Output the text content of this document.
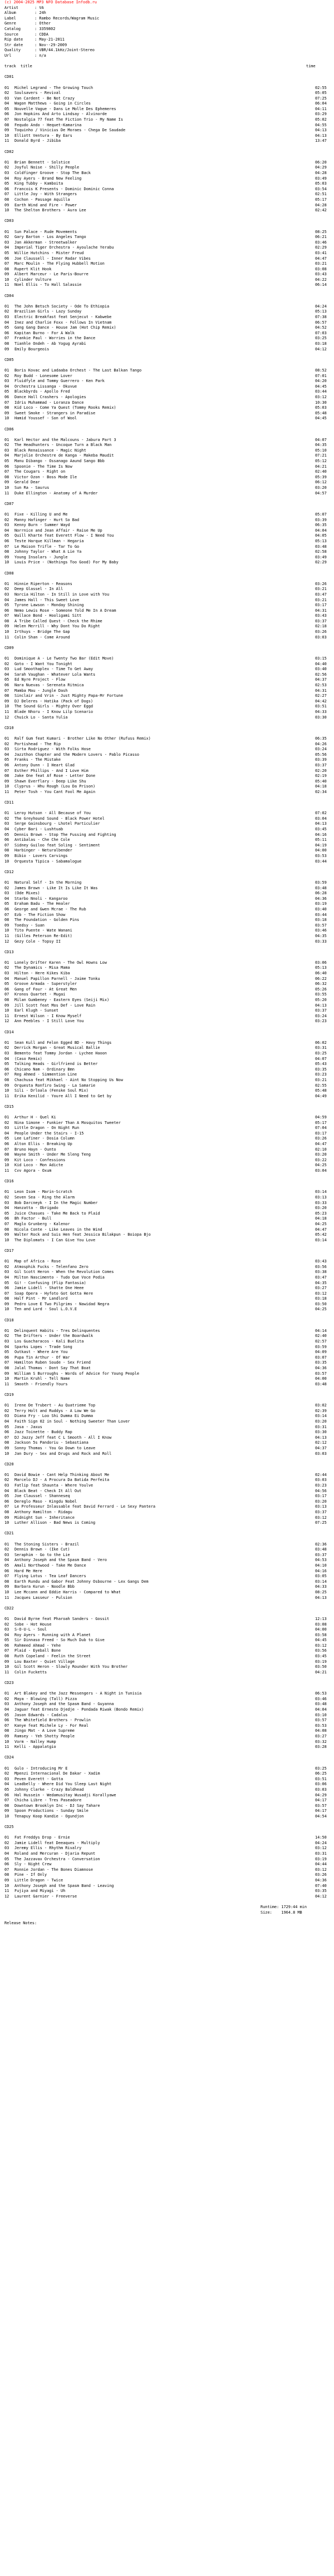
(c) 2004-2025 MP3 NFO Database Infodb.ru
Artist	: VA
Album	: 24h
Label	: Rambo Records/Wagram Music
Genre	: Other
Catalog	: 3359802
Source	: CDDA
Rip date	: May-21-2011
Str date	: Nov--29-2009
Quality	: VBR/44.1kHz/Joint-Stereo
Url	: n/a
track  title	time
CD01
01 Michel Legrand - The Growing Touch	02:55
02 Soulsavers - Revival	05:05
03 Van Cardent - Be Not Crazy	07:25
04 Wagon Matthews - Going in Circles	06:04
05 Nouvelle Vague - Dans Le Molle Des Ephemeres	04:11
06 Jon Hopkins And Arto Lindsay - Alvinorde	03:29
07 Nostalgia 77 feat The Fiction Trio - My Name Is	05:02
08 Fequdo Ando - Hequet-Kamarina	04:55
09 Toquinho / Vinicius De Moraes - Chega De Saudade	04:13
10 Elliott Ventura - By Ears	04:13
11 Donald Byrd - Jibiba	13:47
CD02
01 Brian Bennett - Solstice	06:20
02 Joyful Noise - Shilly People	04:29
03 Coldfinger Groove - Stop The Back	04:28
04 Roy Ayers - Brand New Feeling	03:49
05 King Tubby - Kamboita	05:03
06 Francois K Presents - Dominic Dominic Conna	03:54
07 Little Joy - With Strangers	02:51
08 Cochon - Passage Aquilla	05:17
09 Earth Wind and Fire - Power	04:28
10 The Shelton Brothers - Aura Lee	02:42
CD03
01 Sun Palace - Rude Movements	08:25
02 Gary Barton - Los Angeles Tango	06:21
03 Jan Akkerman - Streetwalker	03:46
04 Imperial Tiger Orchestra - Ayoulache Yerabu	02:29
05 Willie Hutchins - Mister Freud	03:41
06 Joe Claussell - Inner Radar Vibes	04:47
07 Marc Moulin - The Flying Hubbell Motion	03:21
08 Rupert Klit Hook	03:08
09 Albert Marceur - Le Paris-Bourre	03:43
10 Cylinder Vulture	04:22
11 Noel Ellis - To Hall Salassie	06:14
CD04
01 The John Betsch Society - Ode To Ethiopia	04:24
02 Brazilian Girls - Lazy Sunday	05:13
03 Electric Breakfast feat Senjecut - Kabwebe	07:38
04 Inez and Charlie Foxx - Follows In Vietnam	06:57
05 Gang Gang Dance - House Jam (Hot Chip Remix)	04:52
06 Kapitan Burno - For A Walk	07:03
07 Frankie Paul - Worries in the Dance	03:25
08 Tianhle Ondeh - Ab Yogug Ayrabi	03:18
09 Emily Bourgeois	04:12
CD05
01 Boris Kovac and Ladaaba Orchest - The Last Balkan Tango	08:52
02 Roy Budd - Lonesome Lover	07:01
03 Fluidfyle and Tommy Guerrero - Ken Park	04:20
04 Orchestra Lissanga - Okuvue	04:45
05 Blackbyrds - Apollo Fred	03:44
06 Dance Hall Crashers - Apologies	03:12
07 Idris Muhammad - Loranza Dance	10:30
08 Kid Loco - Come Ya Quest (Tommy Rooks Remix)	05:03
09 Sweet Smoke - Strangers in Paradise	05:48
10 Hamid Youssef - Son of Wool	04:45
CD06
01 Karl Hector and the Malcouns - Jabura Part 3	04:07
02 The Headhunters - Uncoque Turn a Black Man	04:35
03 Black Renaissance - Magic Night	05:10
04 Marjolie Orchestre de Kanga - Makeba Maudit	07:21
05 Manu Dibango - Ossanago Aaund Sango Bbb	05:12
06 Spoonie - The Time Is Now	04:21
07 The Cougars - Right on	02:40
08 Victor Ozon - Boss Mode Ile	05:39
09 Gerald Dear	06:12
10 Sun Ra - Saurus	03:20
11 Duke Ellington - Anatomy of A Murder	04:57
CD07
01 Fixe - Killing U and Me	05:07
02 Manny Hafinger - Hurt So Bad	03:39
03 Kenny Burn - Summer Wayd	06:35
04 Norrnice and Jean Affair - Raise Me Up	04:04
05 Quill Kharte feat Everett Flow - I Need You	04:05
06 Teste Harque Killman - Hegaria	05:13
07 Le Maison Trifle - Tar To Go	03:48
08 Johnny Taylor - What A Lie Ya	02:58
09 Young Insolars - Jungle	03:49
10 Louis Price - (Nothings Too Good) For My Baby	02:29
CD08
01 Hinnie Riperton - Reasons	03:26
02 Deep Glassel - In All	03:21
03 Norcia Hilton - In Still in Love with You	03:47
04 James Hall - This Sweet Love	03:21
05 Tyrone Lawson - Monday Shining	03:17
06 Nemo Lewis Rose - Someone Told Me In A Dream	04:31
07 Wallace Bond - Hooligami Sitt	03:43
08 A Tribe Called Quest - Check the Rhime	03:37
09 Helen Merrill - Why Dont You Do Right	02:18
10 Irthuys - Bridge The Gap	03:26
11 Colin Shan - Come Around	03:03
CD09
01 Dominique A - Le Twenty Two Bar (Edit Move)	03:15
02 Goto - I Want You Tonight	04:40
03 Lud Smoothaplex - Time To Get Away	03:40
04 Sarah Vaughan - Whatever Lola Wants	02:56
05 Ed Nyre Project - Flow	04:37
06 Nara Nuevas - Serenata Ritmica	02:53
07 Mamba Mau - Jungle Dash	04:31
08 Sinclair and Vrin - Just Mighty Papa-Mr Fortune	02:27
09 DJ Deleres - Hatika (Pack of Dogs)	04:42
10 The Sound Girls - Mighty Over Eggd	03:51
11 Blade Nhoru - I Know Lilp Scenario	04:33
12 Chuick Lo - Santa Yulia	03:30
CD10
01 Ralf Gum feat Kumari - Brother Like No Other (Rufuss Remix)	06:35
02 Portishead - The Rip	04:26
03 Sirta Rodriguez - With Folks Hose	03:24
04 Jazzthon Chapter and the Modern Lovers - Pablo Picasso	05:56
05 Franks - The Mistake	03:39
06 Antony Dunn - I Heart Glad	03:37
07 Esther Phillips - And I Love Him	02:20
08 Jake One feat Af Rose - Letter Done	02:19
09 Shawn Everflary - Deep Like Shu	05:40
10 Clyprus - Hhu Rough (Lou Da Prison)	04:18
11 Peter Tosh - You Cant Fool Me Again	02:34
CD11
01 Leroy Hutson - All Because of You	07:02
02 The Greyhound Sound - Black Power Hotel	03:04
03 Serge Gainsbourg - Lhotel Particulier	04:13
04 Cyber Bari - Lushtuab	03:45
05 Dennis Brown - Stop The Fussing and Fighting	04:16
06 Antibalas - Che Che Cole	05:11
07 Sidney Guiloo feat Soling - Sentiment	04:19
08 Harbinger - Neturalbender	04:00
09 Bibio - Lovers Carvings	03:53
10 Orquesta Tipica - Sabamalogue	03:44
CD12
01 Natural Self - In the Morning	03:59
02 James Brown - Like It Is Like It Was	03:48
03 (Ode Mixes)	06:28
04 Starbo Nnoli - Kangaroo	04:36
05 Eraham Badu - The Healer	03:19
06 George and Gwen Mcrae - The Rub	03:40
07 Ezb - The Fiction Show	03:44
08 The Foundation - Golden Pins	03:18
09 Toedsy - Suan	03:57
10 Tito Puente - Wate Wanani	03:46
11 (Gilles Peterson Re-Edit)	04:35
12 Gezy Cole - Topsy II	03:33
CD13
01 Lonely Drifter Karen - The Owl Howns Low	03:06
02 The Dynamics - Misa Mama	05:13
03 Hilton - Here Kikes Kiba	06:40
04 Manuel Papillon Parnell - Jaime Tonku	06:22
05 Groove Armada - Superstyler	06:32
06 Gang of Four - At Great Men	05:26
07 Kronos Quartet - Mugai	03:55
08 Milan Gumbeney - Eastern Eyes (Seiji Mix)	05:20
09 Jill Scott feat Mos Def - Love Rain	04:13
10 Earl Klugh - Sunset	03:37
11 Ernest Wilson - I Know Myself	03:24
12 Ann Peebles - I Still Love You	03:23
CD14
01 Sean Kull and Felon Egged BD - Havy Things	06:02
02 Derrick Morgan - Great Musical Ballie	03:31
03 Bemento feat Tommy Jordan - Lychee Haoon	03:25
04 (Caso Remix)	04:07
05 Talking Heads - Girlfriend is Better	05:43
06 Chicano Nam - Ordinary Bmn	03:35
07 Reg Ahmed - Simmention Line	03:23
08 Chachusa feat Mikhael - Aint No Stopping Us Now	03:21
09 Orquesta Ronfiro Swing - La Samarie	02:55
10 Sili - Drloala (Fenske Soul Mix)	05:48
11 Erika Kenilid - Youre All I Need to Get by	04:49
CD15
01 Arthur H - Quel Ki	04:59
02 Nina Simone - Funkier Than A Mosquitos Tweeter	05:17
03 Little Dragon - On Night Run	07:04
04 People Under the Stairs - I-15	03:17
05 Lee Lafiner - Dosia Column	03:26
06 Alton Ellis - Breaking Up	04:47
07 Bruno Hayn - Ounto	02:10
08 Wayne Smith - Under Me Sleng Teng	03:20
09 Kit Loco - Confessions	03:22
10 Kid Loco - Mon Adicte	04:25
11 Cvv Agora - Oxum	03:04
CD16
01 Leon Isom - Marin-Scratch	03:14
02 Seven Sea - Ring the Alarm	03:13
03 Bob Darcneyk - I In the Magic Number	03:33
04 Hanzatta - Obrigado	03:20
05 Juice Chasues - Take Me Back to Plaid	05:23
06 Bh Factor - Bull	04:18
07 Maglo Grunberg - Kalenor	04:25
08 Nicola Conte - Like Leaves in the Wind	04:47
09 Walter Rock and Suis Hen feat Jessica Bilakpun - Boiopa Bjo	05:42
10 The Diplomats - I Can Give You Love	03:14
CD17
01 Map of Africa - Rose	03:43
02 Atmosphik Fucks - Telenfano Zero	03:56
03 Gil Scott Heron - When the Revolution Comes	03:38
04 Milton Nascimento - Tudo Que Voce Podia	03:47
05 Gi! - Confusing (Flip Fantasia)	04:35
06 Jamie Lidell - Shatte One Heee	03:27
07 Soap Opera - Hyfoto Got Gotta Here	03:12
08 Half Pint - Mr Landlord	03:18
09 Pedro Love E Two Pilgrims - Nawidad Negra	03:50
10 Ten and Lord - Soul L.O.V.E	04:25
CD18
01 Delinquent Habits - Tres Delinquentes	04:14
02 The Drifters - Under the Boardwalk	02:40
03 Los Guacharacos - Kali Buelita	02:57
04 Sparks Lopes - Trade Song	03:59
05 Outkast - Where Are You	04:09
06 Pupa Tin Arthur - Of War	03:07
07 Hamilton Ruben Soude - Sex Friend	03:35
08 Jalal Thomas - Dont Say That Boat	04:36
09 William S Burroughs - Words of Advice for Young People	03:57
10 Martin Kruhl - Tell Name	04:00
11 Smooth - Friendly Yours	03:48
CD19
01 Irene De Trubert - Au Quatrieme Top	03:02
02 Terry Holt and Ruddys - A Low We Go	02:39
03 Diana Fry - Loo Shi Dumma Ei Dumma	03:14
04 Faith Sign 02 in Soul - Nothing Sweeter Than Lover	03:20
05 Jasa - Jaxus	03:31
06 Jazz Toinette - Buddy Rap	03:30
07 DJ Jazzy Jeff feat C L Smooth - All I Know	04:13
08 Jackson 5s Pandoriu - Sebastiana	02:12
09 Sonny Thomas - You Go Down to Leave	04:37
10 Jan Dury - Sex and Drugs and Rock and Roll	03:03
CD20
01 David Bowie - Cant Help Thinking About Me	02:44
02 Marcelo DJ - A Procura Da Batida Perfeita	03:03
03 Fatlip feat Shaunta - Where Youlve	03:23
04 Black Beat - Check It All Out	04:56
05 Joe Claussel - Shanneseq	03:17
06 Dereglo Maso - Kingdu Nobel	03:20
07 Le Professeur Inlassable feat David Ferrard - Le Sexy Pantera	03:13
08 Anthony Hamilton - Ridagu	03:37
09 Midnight Sun - Inheritance	03:12
10 Luther Allison - Bad News is Coming	07:25
CD21
01 The Stoning Sisters - Brazil	02:36
02 Dennis Brown - (Ike Cut)	03:48
03 Seraphim - Go to the Lie	03:37
04 Anthony Joseph and the Spasm Band - Vero	04:53
05 Amali Northwood - Take Me Dance	04:10
06 Hard Me Here	04:16
07 Flying Lotus - Tea Leaf Dancers	03:05
08 Earth Rundu and Gabor Feat Johnny Osbourne - Lex Gangs Dem	03:14
09 Barbara Kurun - Noodle Bbb	04:33
10 Lee Mccann and Eddie Harris - Compared to What	08:25
11 Jacques Lasseur - Pulsion	04:13
CD22
01 David Byrne feat Pharoah Sanders - Gossit	12:13
02 Sobe - Hot House	03:08
03 S-O-U-L - Soul	04:00
04 Roy Ayers - Running with A Planet	03:58
05 Sir Dinnaso Freed - So Much Dub to Give	04:45
06 Rahmeed Ahmad - Yehe	03:12
07 Plaid - Eyeball Bone	03:56
08 Ruth Copeland - Feelin the Street	03:45
09 Lou Baxter - Quiet Village	03:19
10 Gil Scott Heron - Slowly Rounder With You Brother	03:50
11 Colin Fucketts	04:21
CD23
01 Art Blakey and the Jazz Messengers - A Night in Tunisia	06:53
02 Maya - Blowing (Tall) Pizza	03:46
03 Anthony Joseph and the Spasm Band - Guyanna	03:48
04 Jaguar feat Ernesto Djedje - Pondada Riwak (Bondo Remix)	04:04
05 Jason Edwards - Cadalus	03:10
06 The Whitefield Brothers - Prowlin	03:57
07 Kanye feat Michele Ly - For Real	03:53
08 Jingo Mat - A Love Supreme	04:08
09 Ramsey - Yeh Shotty People	03:27
10 Vorm - Nalley Hump	03:32
11 Kelli - Appalatgio	03:28
CD24
01 Gulo - Introducing Mr E	03:25
02 Mpenzi Internacional De Dakar - Xadim	06:25
03 Peven Everett - Gotta	03:51
04 Leadbelly - Where Did You Sleep Last Night	03:06
05 Johnny Clarke - Crazy Baldhead	03:03
06 Hal Hussein - Wedamusitay Wusadji Korallyawe	04:29
07 Chicha Libre - Tres Paseadore	04:17
08 Downtown Brooklyn Inc - DJ Say Tahare	03:57
09 Spoon Productions - Sunday Smile	04:17
10 Tenapuy Koop Kandie - Ogundjon	04:54
CD25
01 Fat Freddys Drop - Ernie	14:50
02 Jamie Lidell feat Deeaques - Multiply	04:24
03 Jeremy Ellis - Rhythm Rivalry	03:12
04 Roland and Mercuran - Djaria Repunt	03:31
05 The Jazzavax Orchestra - Conversation	03:19
06 Sly - Night Crew	04:44
07 Ronnie Jordan - The Bones Diamnose	03:12
08 Pine - If Only	03:26
09 Little Dragon - Twice	04:36
10 Anthony Joseph and the Spasm Band - Leaving	07:40
11 Fujiya and Miyagi - Uh	03:35
12 Laurent Garnier - Freeverse	04:12
Runtime: 1729:44 min
Size:    1964.8 MB
Release Notes:
